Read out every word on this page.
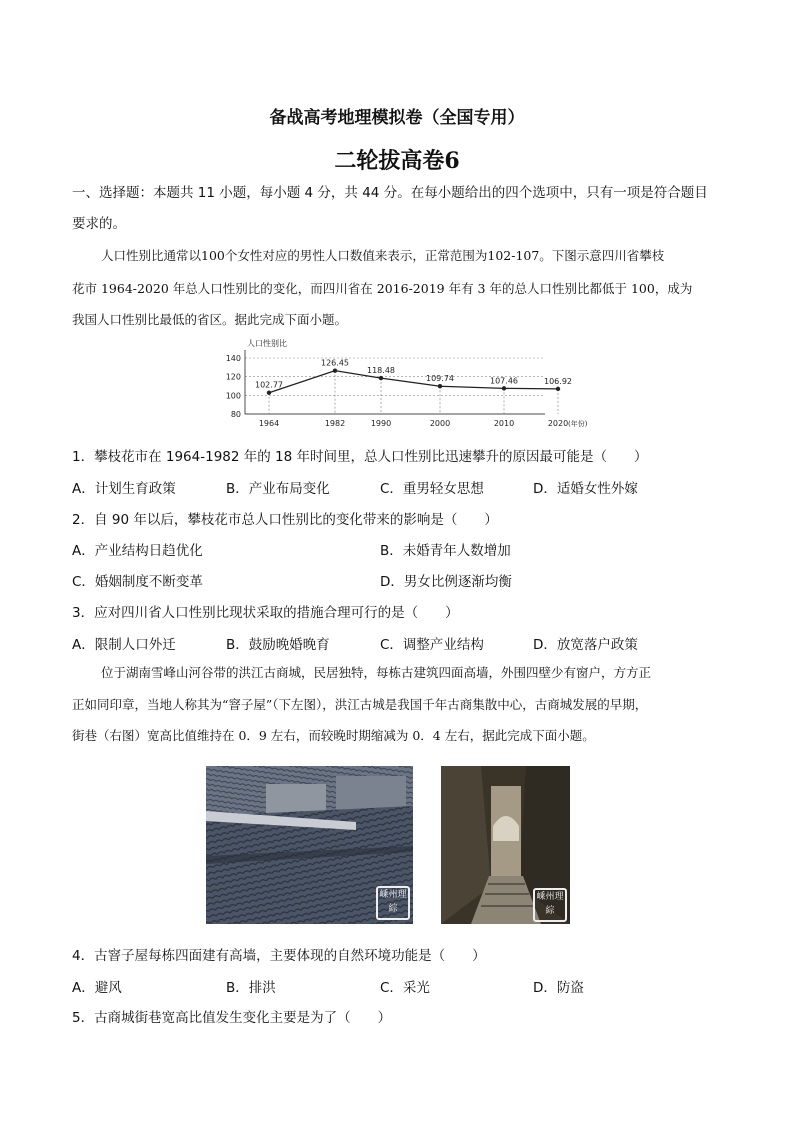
备战高考地理模拟卷（全国专用）
二轮拔高卷6
一、选择题：本题共 11 小题，每小题 4 分，共 44 分。在每小题给出的四个选项中，只有一项是符合题目
要求的。
人口性别比通常以100个女性对应的男性人口数值来表示，正常范围为102-107。下图示意四川省攀枝
花市 1964-2020 年总人口性别比的变化，而四川省在 2016-2019 年有 3 年的总人口性别比都低于 100，成为
我国人口性别比最低的省区。据此完成下面小题。
人口性别比
80
100
120
140
1964	1982	1990	2000	2010	2020 (年份)
102.77
126.45
118.48
109.74	107.46	106.92
1．攀枝花市在 1964-1982 年的 18 年时间里，总人口性别比迅速攀升的原因最可能是（　　）
A．计划生育政策	B．产业布局变化	C．重男轻女思想	D．适婚女性外嫁
2．自 90 年以后，攀枝花市总人口性别比的变化带来的影响是（　　）
A．产业结构日趋优化	B．未婚青年人数增加
C．婚姻制度不断变革	D．男女比例逐渐均衡
3．应对四川省人口性别比现状采取的措施合理可行的是（　　）
A．限制人口外迁	B．鼓励晚婚晚育	C．调整产业结构	D．放宽落户政策
位于湖南雪峰山河谷带的洪江古商城，民居独特，每栋古建筑四面高墙，外围四壁少有窗户，方方正
正如同印章，当地人称其为“窨子屋”（下左图），洪江古城是我国千年古商集散中心，古商城发展的早期，
街巷（右图）宽高比值维持在 0．9 左右，而较晚时期缩减为 0．4 左右，据此完成下面小题。
嵊州理綜
嵊州理綜
4．古窨子屋每栋四面建有高墙，主要体现的自然环境功能是（　　）
A．避风	B．排洪	C．采光	D．防盗
5．古商城街巷宽高比值发生变化主要是为了（　　）
